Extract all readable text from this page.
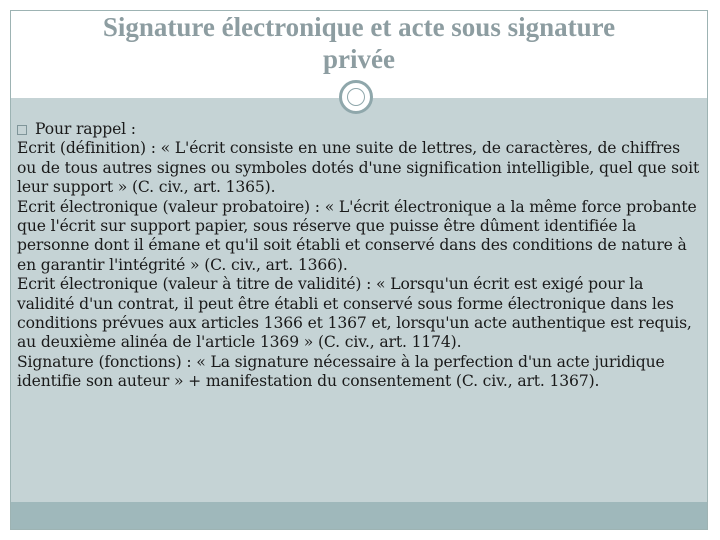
Signature électronique et acte sous signature
privée
Pour rappel :

Ecrit (définition) : « L'écrit consiste en une suite de lettres, de caractères, de chiffres ou de tous autres signes ou symboles dotés d'une signification intelligible, quel que soit leur support » (C. civ., art. 1365).

Ecrit électronique (valeur probatoire) : « L'écrit électronique a la même force probante que l'écrit sur support papier, sous réserve que puisse être dûment identifiée la personne dont il émane et qu'il soit établi et conservé dans des conditions de nature à en garantir l'intégrité » (C. civ., art. 1366).

Ecrit électronique (valeur à titre de validité) : « Lorsqu'un écrit est exigé pour la validité d'un contrat, il peut être établi et conservé sous forme électronique dans les conditions prévues aux articles 1366 et 1367 et, lorsqu'un acte authentique est requis, au deuxième alinéa de l'article 1369 » (C. civ., art. 1174).

Signature (fonctions) : « La signature nécessaire à la perfection d'un acte juridique identifie son auteur » + manifestation du consentement (C. civ., art. 1367).
